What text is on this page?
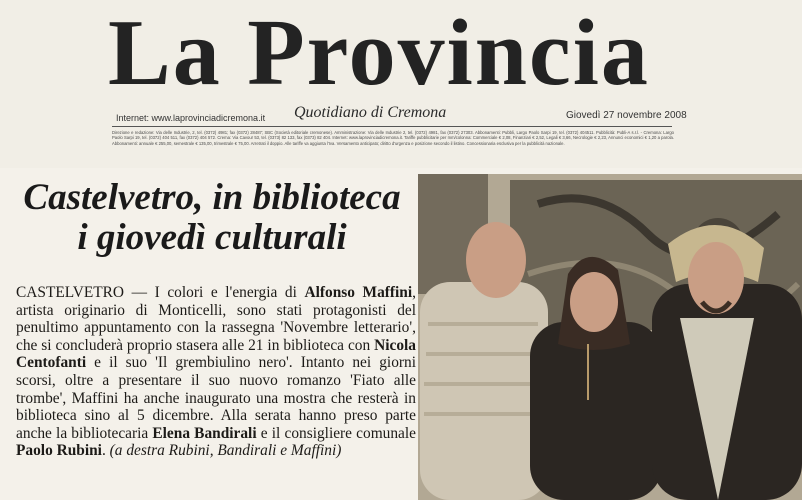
La Provincia
Internet: www.laprovinciadicremona.it Quotidiano di Cremona	Giovedì 27 novembre 2008
Direzione e redazione: Via delle Industrie, 2, tel. (0372) 4981; fax (0372) 28487; SBC (Società editoriale cremonese). Amministrazione: Via delle Industrie 2, tel. (0372) 4981, fax (0372) 27303. Abbonamenti: Pubbli, Largo Paolo Sarpi 19, tel. (0372) 404511. Pubblicità: Publi-A s.r.l. - Cremona: Largo Paolo Sarpi 19, tel. (0372) 404 511, fax (0372) 404 572. Crema: Via Cavour 53, tel. (0373) 82 133, fax (0373) 82 404. Internet: www.laprovinciadicremona.it. Tariffe pubblicitarie per mm/colonna: Commerciale € 2,08, Finanziari € 2,52, Legali € 3,66, Necrologie € 2,23, Annunci economici € 1,20 a parola. Abbonamenti: annuale € 255,00, semestrale € 135,00, trimestrale € 75,00. Arretrati il doppio. Alle tariffe va aggiunta l'Iva. Versamento anticipato; diritto d'urgenza e posizione secondo il listino. Concessionaria esclusiva per la pubblicità nazionale.
Castelvetro, in biblioteca
i giovedì culturali
CASTELVETRO — I colori e l'energia di Alfonso Maffini, artista originario di Monticelli, sono stati protagonisti del penultimo appuntamento con la rassegna 'Novembre letterario', che si concluderà proprio stasera alle 21 in biblioteca con Nicola Centofanti e il suo 'Il grembiulino nero'. Intanto nei giorni scorsi, oltre a presentare il suo nuovo romanzo 'Fiato alle trombe', Maffini ha anche inaugurato una mostra che resterà in biblioteca sino al 5 dicembre. Alla serata hanno preso parte anche la bibliotecaria Elena Bandirali e il consigliere comunale Paolo Rubini. (a destra Rubini, Bandirali e Maffini)
